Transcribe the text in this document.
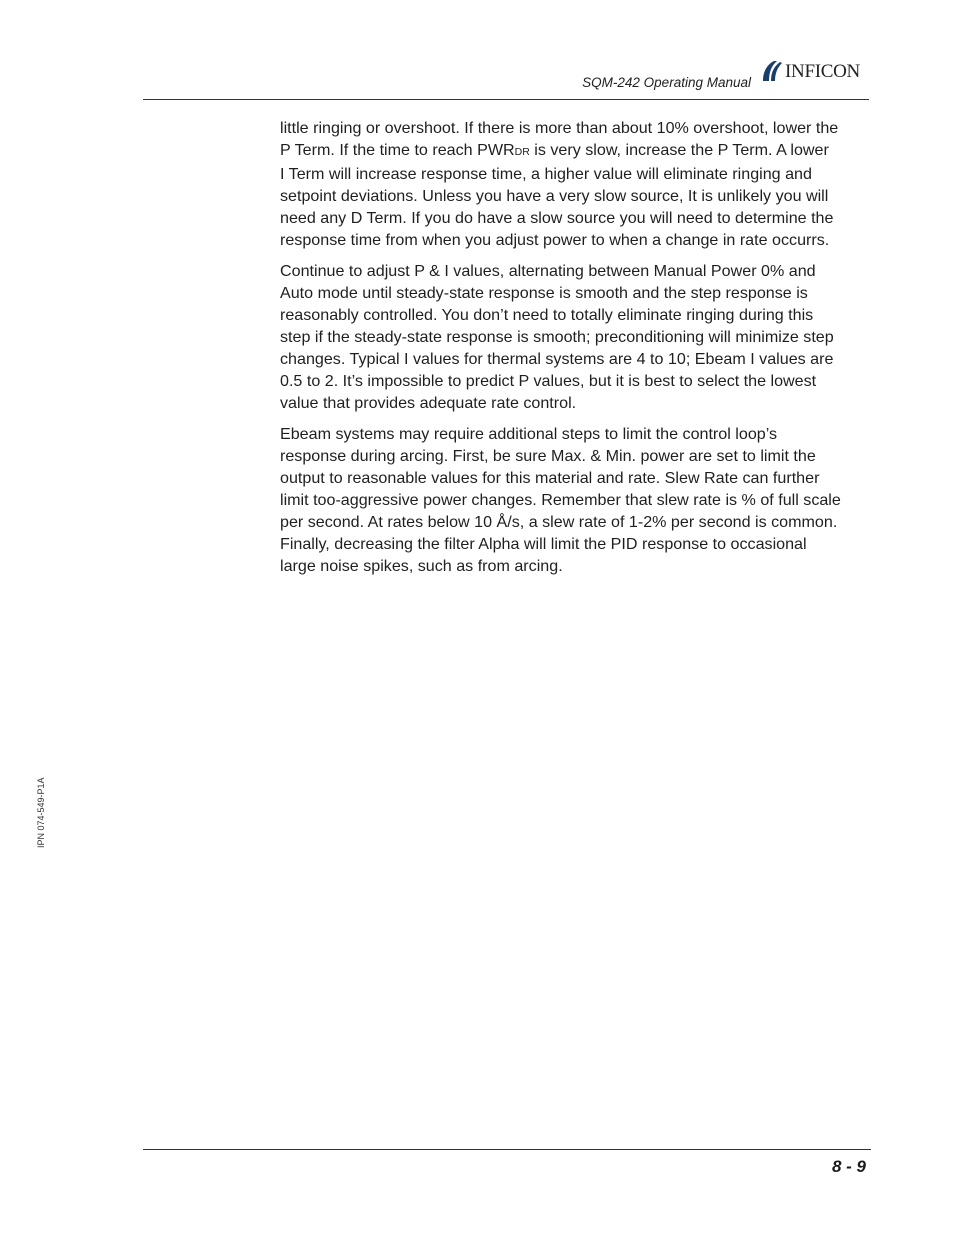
SQM-242 Operating Manual
INFICON

little ringing or overshoot. If there is more than about 10% overshoot, lower the
P Term. If the time to reach PWRDR is very slow, increase the P Term. A lower
I Term will increase response time, a higher value will eliminate ringing and
setpoint deviations. Unless you have a very slow source, It is unlikely you will
need any D Term. If you do have a slow source you will need to determine the
response time from when you adjust power to when a change in rate occurrs.

Continue to adjust P & I values, alternating between Manual Power 0% and
Auto mode until steady-state response is smooth and the step response is
reasonably controlled. You don’t need to totally eliminate ringing during this
step if the steady-state response is smooth; preconditioning will minimize step
changes. Typical I values for thermal systems are 4 to 10; Ebeam I values are
0.5 to 2. It’s impossible to predict P values, but it is best to select the lowest
value that provides adequate rate control.

Ebeam systems may require additional steps to limit the control loop’s
response during arcing. First, be sure Max. & Min. power are set to limit the
output to reasonable values for this material and rate. Slew Rate can further
limit too-aggressive power changes. Remember that slew rate is % of full scale
per second. At rates below 10 Å/s, a slew rate of 1-2% per second is common.
Finally, decreasing the filter Alpha will limit the PID response to occasional
large noise spikes, such as from arcing.

IPN 074-549-P1A
8 - 9
